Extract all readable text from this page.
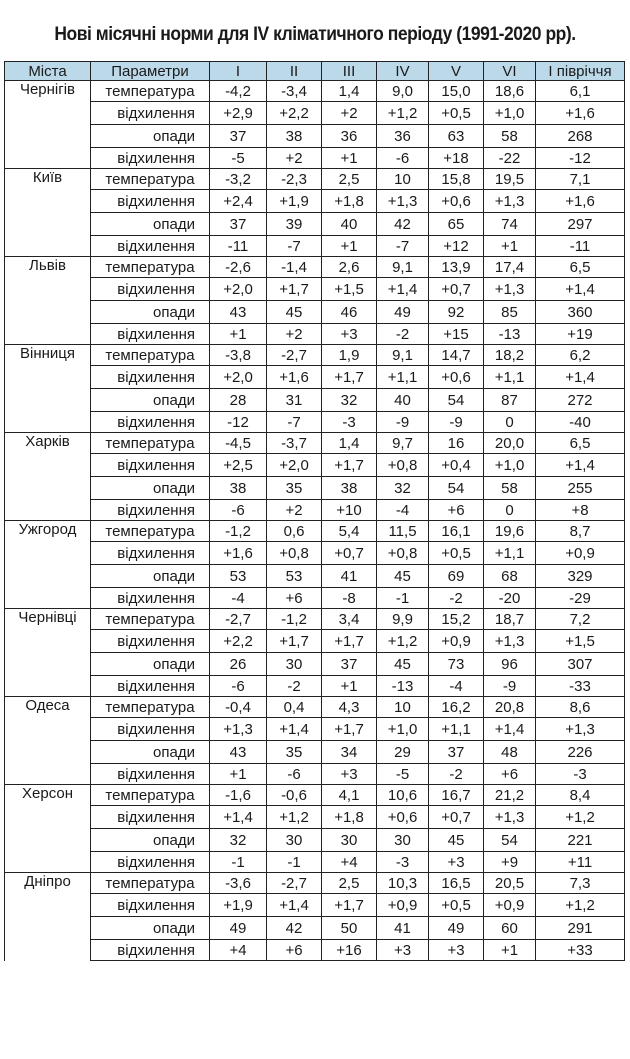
Нові місячні норми для IV кліматичного періоду (1991-2020 рр).
Міста	Параметри	I	II	III	IV	V	VI	I півріччя
Чернігів	температура	-4,2	-3,4	1,4	9,0	15,0	18,6	6,1
	відхилення	+2,9	+2,2	+2	+1,2	+0,5	+1,0	+1,6
	опади	37	38	36	36	63	58	268
	відхилення	-5	+2	+1	-6	+18	-22	-12
Київ	температура	-3,2	-2,3	2,5	10	15,8	19,5	7,1
	відхилення	+2,4	+1,9	+1,8	+1,3	+0,6	+1,3	+1,6
	опади	37	39	40	42	65	74	297
	відхилення	-11	-7	+1	-7	+12	+1	-11
Львів	температура	-2,6	-1,4	2,6	9,1	13,9	17,4	6,5
	відхилення	+2,0	+1,7	+1,5	+1,4	+0,7	+1,3	+1,4
	опади	43	45	46	49	92	85	360
	відхилення	+1	+2	+3	-2	+15	-13	+19
Вінниця	температура	-3,8	-2,7	1,9	9,1	14,7	18,2	6,2
	відхилення	+2,0	+1,6	+1,7	+1,1	+0,6	+1,1	+1,4
	опади	28	31	32	40	54	87	272
	відхилення	-12	-7	-3	-9	-9	0	-40
Харків	температура	-4,5	-3,7	1,4	9,7	16	20,0	6,5
	відхилення	+2,5	+2,0	+1,7	+0,8	+0,4	+1,0	+1,4
	опади	38	35	38	32	54	58	255
	відхилення	-6	+2	+10	-4	+6	0	+8
Ужгород	температура	-1,2	0,6	5,4	11,5	16,1	19,6	8,7
	відхилення	+1,6	+0,8	+0,7	+0,8	+0,5	+1,1	+0,9
	опади	53	53	41	45	69	68	329
	відхилення	-4	+6	-8	-1	-2	-20	-29
Чернівці	температура	-2,7	-1,2	3,4	9,9	15,2	18,7	7,2
	відхилення	+2,2	+1,7	+1,7	+1,2	+0,9	+1,3	+1,5
	опади	26	30	37	45	73	96	307
	відхилення	-6	-2	+1	-13	-4	-9	-33
Одеса	температура	-0,4	0,4	4,3	10	16,2	20,8	8,6
	відхилення	+1,3	+1,4	+1,7	+1,0	+1,1	+1,4	+1,3
	опади	43	35	34	29	37	48	226
	відхилення	+1	-6	+3	-5	-2	+6	-3
Херсон	температура	-1,6	-0,6	4,1	10,6	16,7	21,2	8,4
	відхилення	+1,4	+1,2	+1,8	+0,6	+0,7	+1,3	+1,2
	опади	32	30	30	30	45	54	221
	відхилення	-1	-1	+4	-3	+3	+9	+11
Дніпро	температура	-3,6	-2,7	2,5	10,3	16,5	20,5	7,3
	відхилення	+1,9	+1,4	+1,7	+0,9	+0,5	+0,9	+1,2
	опади	49	42	50	41	49	60	291
	відхилення	+4	+6	+16	+3	+3	+1	+33
